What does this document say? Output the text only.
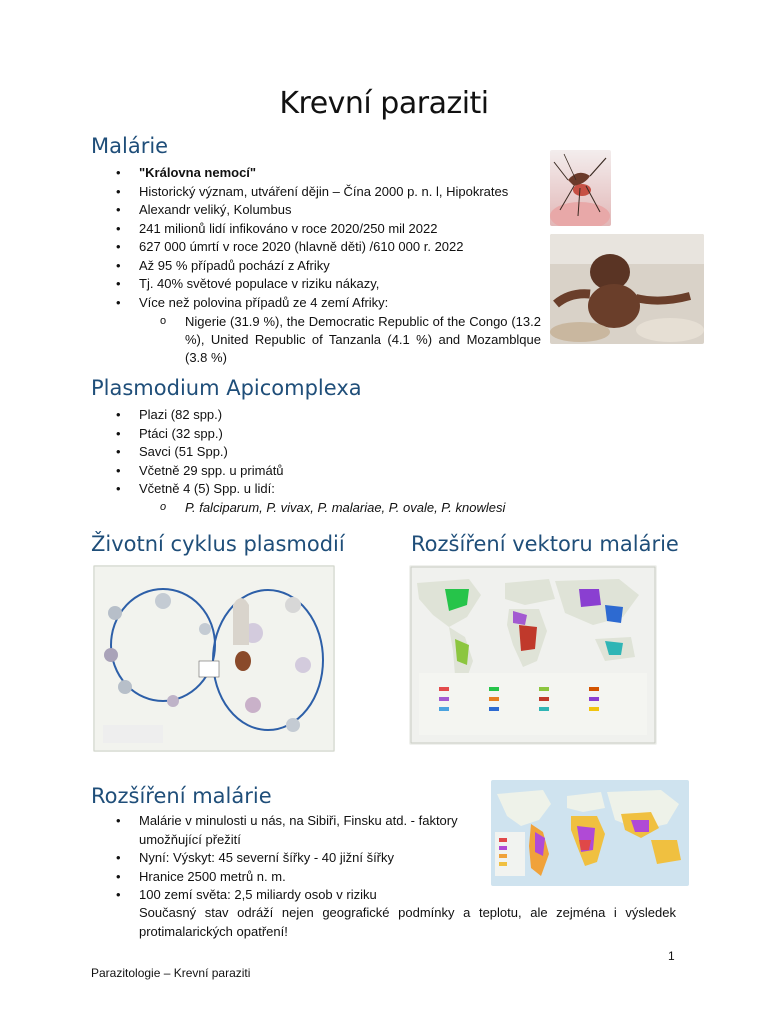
Krevní paraziti
Malárie
• "Královna nemocí"
• Historický význam, utváření dějin – Čína 2000 p. n. l, Hipokrates
• Alexandr veliký, Kolumbus
• 241 milionů lidí infikováno v roce 2020/250 mil 2022
• 627 000 úmrtí v roce 2020 (hlavně děti) /610 000 r. 2022
• Až 95 % případů pochází z Afriky
• Tj. 40% světové populace v riziku nákazy,
• Více než polovina případů ze 4 zemí Afriky:
o Nigerie (31.9 %), the Democratic Republic of the Congo (13.2 %), United Republic of Tanzanla (4.1 %) and Mozamblque (3.8 %)
Plasmodium Apicomplexa
• Plazi (82 spp.)
• Ptáci (32 spp.)
• Savci (51 Spp.)
• Včetně 29 spp. u primátů
• Včetně 4 (5) Spp. u lidí:
o P. falciparum, P. vivax, P. malariae, P. ovale, P. knowlesi
Životní cyklus plasmodií	Rozšíření vektoru malárie
Rozšíření malárie
• Malárie v minulosti u nás, na Sibiři, Finsku atd. - faktory umožňující přežití
• Nyní: Výskyt: 45 severní šířky - 40 jižní šířky
• Hranice 2500 metrů n. m.
• 100 zemí světa: 2,5 miliardy osob v riziku
Současný stav odráží nejen geografické podmínky a teplotu, ale zejména i výsledek protimalarických opatření!
1
Parazitologie – Krevní paraziti
